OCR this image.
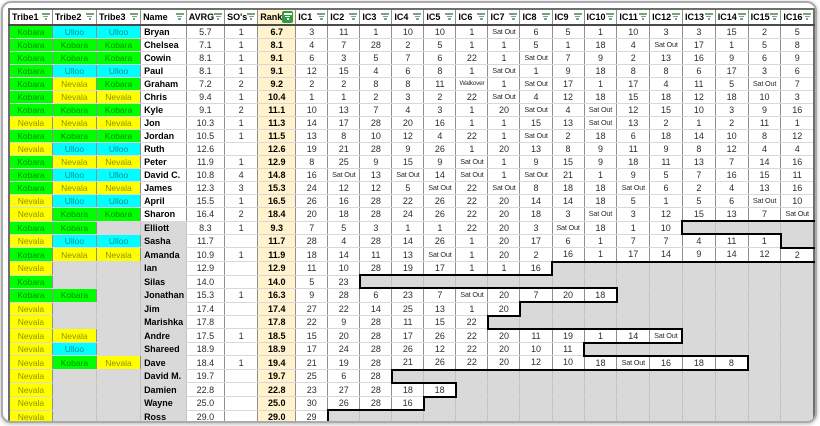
Tribe1	Tribe2	Tribe3	Name	AVRG	SO's	Rank	IC1	IC2	IC3	IC4	IC5	IC6	IC7	IC8	IC9	IC10	IC11	IC12	IC13	IC14	IC15	IC16

Kobara	Ulloo	Ulloo	Bryan	5.7	1	6.7	3	11	1	10	10	1	Sat Out	6	5	1	10	3	3	15	2	5
Kobara	Kobara	Kobara	Chelsea	7.1	1	8.1	4	7	28	2	5	1	1	5	1	18	4	Sat Out	17	1	5	8
Kobara	Kobara	Kobara	Cowin	8.1	1	9.1	6	3	5	7	6	22	1	Sat Out	7	9	2	13	16	9	6	9
Kobara	Ulloo	Ulloo	Paul	8.1	1	9.1	12	15	4	6	8	1	Sat Out	1	9	18	8	8	6	17	3	6
Kobara	Nevala	Kobara	Graham	7.2	2	9.2	2	2	8	8	11	Walkover	1	Sat Out	17	1	17	4	11	5	Sat Out	7
Kobara	Nevala	Nevala	Chris	9.4	1	10.4	1	1	2	3	2	22	Sat Out	4	12	18	15	18	12	18	10	3
Kobara	Kobara	Kobara	Kyle	9.1	2	11.1	10	13	7	4	3	1	20	Sat Out	4	Sat Out	12	15	10	3	9	16
Nevala	Nevala	Nevala	Jon	10.3	1	11.3	14	17	28	20	16	1	1	15	13	Sat Out	13	2	1	2	11	1
Kobara	Kobara	Kobara	Jordan	10.5	1	11.5	13	8	10	12	4	22	1	Sat Out	2	18	6	18	14	10	8	12
Nevala	Ulloo	Ulloo	Ruth	12.6		12.6	19	21	28	9	26	1	20	13	8	9	11	9	8	12	4	4
Kobara	Nevala	Nevala	Peter	11.9	1	12.9	8	25	9	15	9	Sat Out	1	9	15	9	18	11	13	7	14	16
Kobara	Ulloo	Ulloo	David C.	10.8	4	14.8	16	Sat Out	13	Sat Out	14	Sat Out	1	Sat Out	21	1	9	5	7	16	15	11
Kobara	Nevala	Nevala	James	12.3	3	15.3	24	12	12	5	Sat Out	22	Sat Out	8	18	18	Sat Out	6	2	4	13	16
Nevala	Ulloo	Ulloo	April	15.5	1	16.5	26	16	28	22	26	22	20	14	14	18	5	1	5	6	Sat Out	10
Nevala	Kobara	Kobara	Sharon	16.4	2	18.4	20	18	28	24	26	22	20	18	3	Sat Out	3	12	15	13	7	Sat Out
Kobara	Kobara		Elliott	8.3	1	9.3	7	5	3	1	1	22	20	3	Sat Out	18	1	10				
Nevala	Ulloo	Ulloo	Sasha	11.7		11.7	28	4	28	14	26	1	20	17	6	1	7	7	4	11	1	
Kobara	Nevala	Nevala	Amanda	10.9	1	11.9	18	14	11	13	Sat Out	1	20	2	16	1	17	14	9	14	12	2
Nevala			Ian	12.9		12.9	11	10	28	19	17	1	1	16								
Kobara			Silas	14.0		14.0	5	23														
Kobara	Kobara		Jonathan	15.3	1	16.3	9	28	6	23	7	Sat Out	20	7	20	18						
Nevala			Jim	17.4		17.4	27	22	14	25	13	1	20									
Nevala			Marishka	17.8		17.8	22	9	28	11	15	22										
Nevala	Nevala		Andre	17.5	1	18.5	15	20	28	17	26	22	20	11	19	1	14	Sat Out				
Nevala	Ulloo		Shareed	18.9		18.9	17	24	28	26	12	22	20	10	11							
Nevala	Kobara	Nevala	Dave	18.4	1	19.4	21	19	28	21	26	22	20	12	10	18	Sat Out	16	18	8		
Nevala			David M.	19.7		19.7	25	6	28													
Nevala			Damien	22.8		22.8	23	27	28	18	18											
Nevala			Wayne	25.0		25.0	30	26	28	16												
Nevala			Ross	29.0		29.0	29															
